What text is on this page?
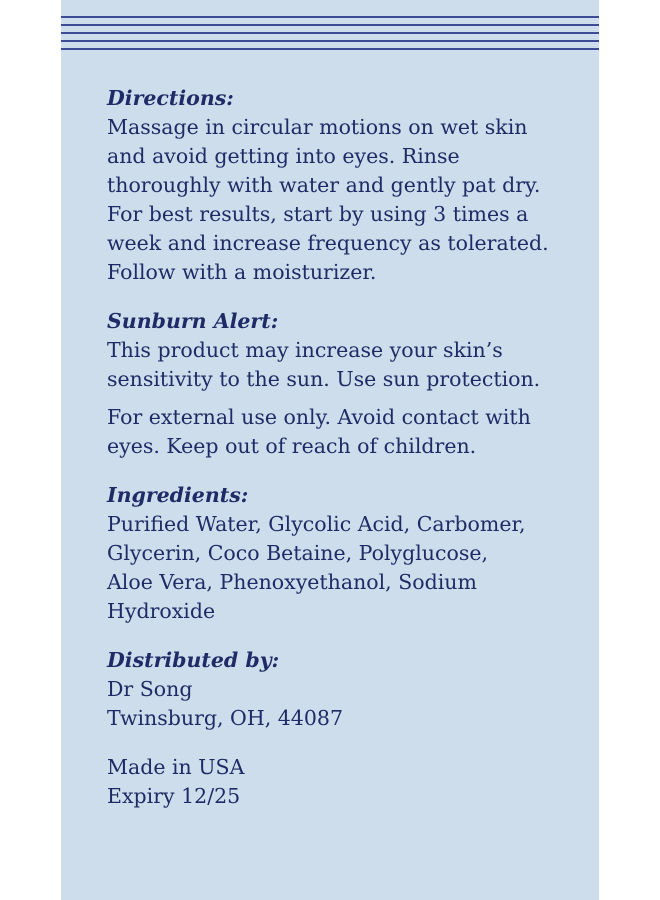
Directions:

Massage in circular motions on wet skin

and avoid getting into eyes. Rinse

thoroughly with water and gently pat dry.

For best results, start by using 3 times a

week and increase frequency as tolerated.

Follow with a moisturizer.

Sunburn Alert:

This product may increase your skin’s

sensitivity to the sun. Use sun protection.

For external use only. Avoid contact with

eyes. Keep out of reach of children.

Ingredients:

Purified Water, Glycolic Acid, Carbomer,

Glycerin, Coco Betaine, Polyglucose,

Aloe Vera, Phenoxyethanol, Sodium

Hydroxide

Distributed by:

Dr Song

Twinsburg, OH, 44087

Made in USA

Expiry 12/25
